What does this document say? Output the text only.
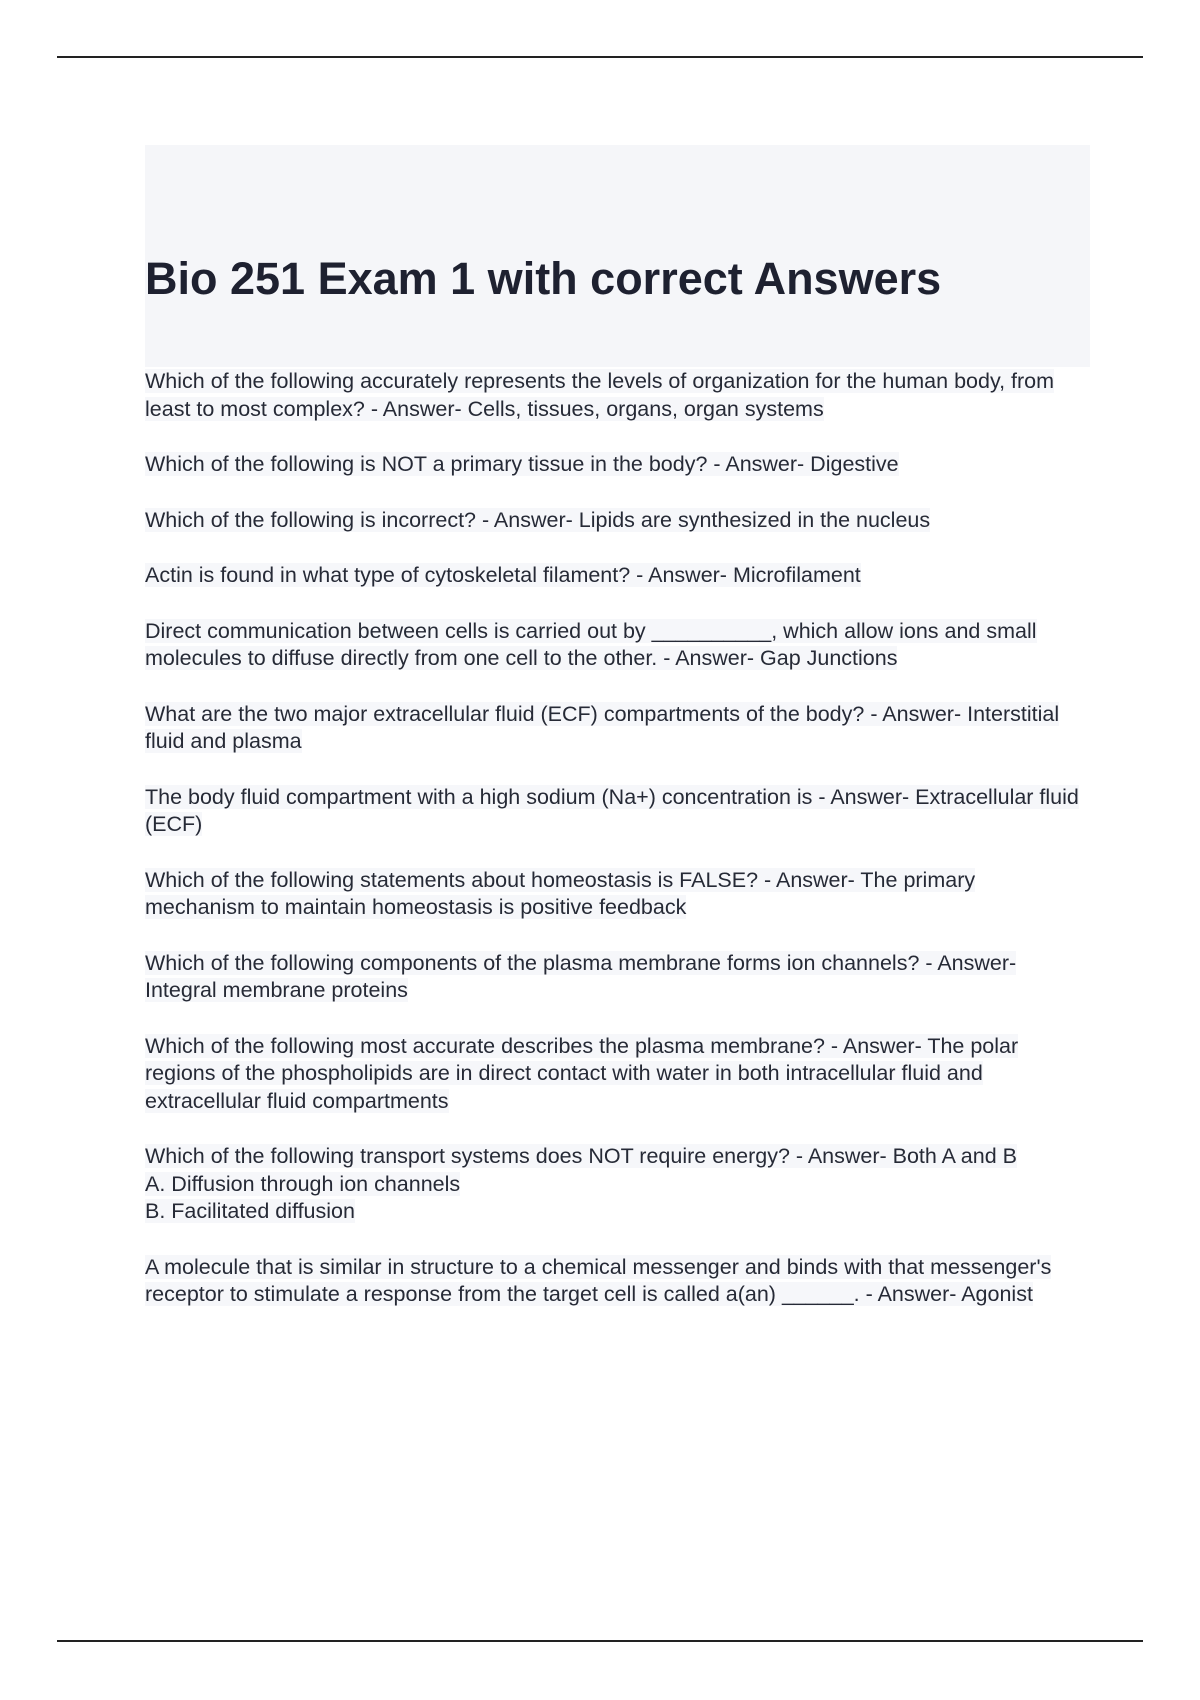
Bio 251 Exam 1 with correct Answers

Which of the following accurately represents the levels of organization for the human body, from least to most complex? - Answer- Cells, tissues, organs, organ systems

Which of the following is NOT a primary tissue in the body? - Answer- Digestive

Which of the following is incorrect? - Answer- Lipids are synthesized in the nucleus

Actin is found in what type of cytoskeletal filament? - Answer- Microfilament

Direct communication between cells is carried out by __________, which allow ions and small molecules to diffuse directly from one cell to the other. - Answer- Gap Junctions

What are the two major extracellular fluid (ECF) compartments of the body? - Answer- Interstitial fluid and plasma

The body fluid compartment with a high sodium (Na+) concentration is - Answer- Extracellular fluid (ECF)

Which of the following statements about homeostasis is FALSE? - Answer- The primary mechanism to maintain homeostasis is positive feedback

Which of the following components of the plasma membrane forms ion channels? - Answer- Integral membrane proteins

Which of the following most accurate describes the plasma membrane? - Answer- The polar regions of the phospholipids are in direct contact with water in both intracellular fluid and extracellular fluid compartments

Which of the following transport systems does NOT require energy? - Answer- Both A and B
A. Diffusion through ion channels
B. Facilitated diffusion

A molecule that is similar in structure to a chemical messenger and binds with that messenger's receptor to stimulate a response from the target cell is called a(an) ______. - Answer- Agonist
